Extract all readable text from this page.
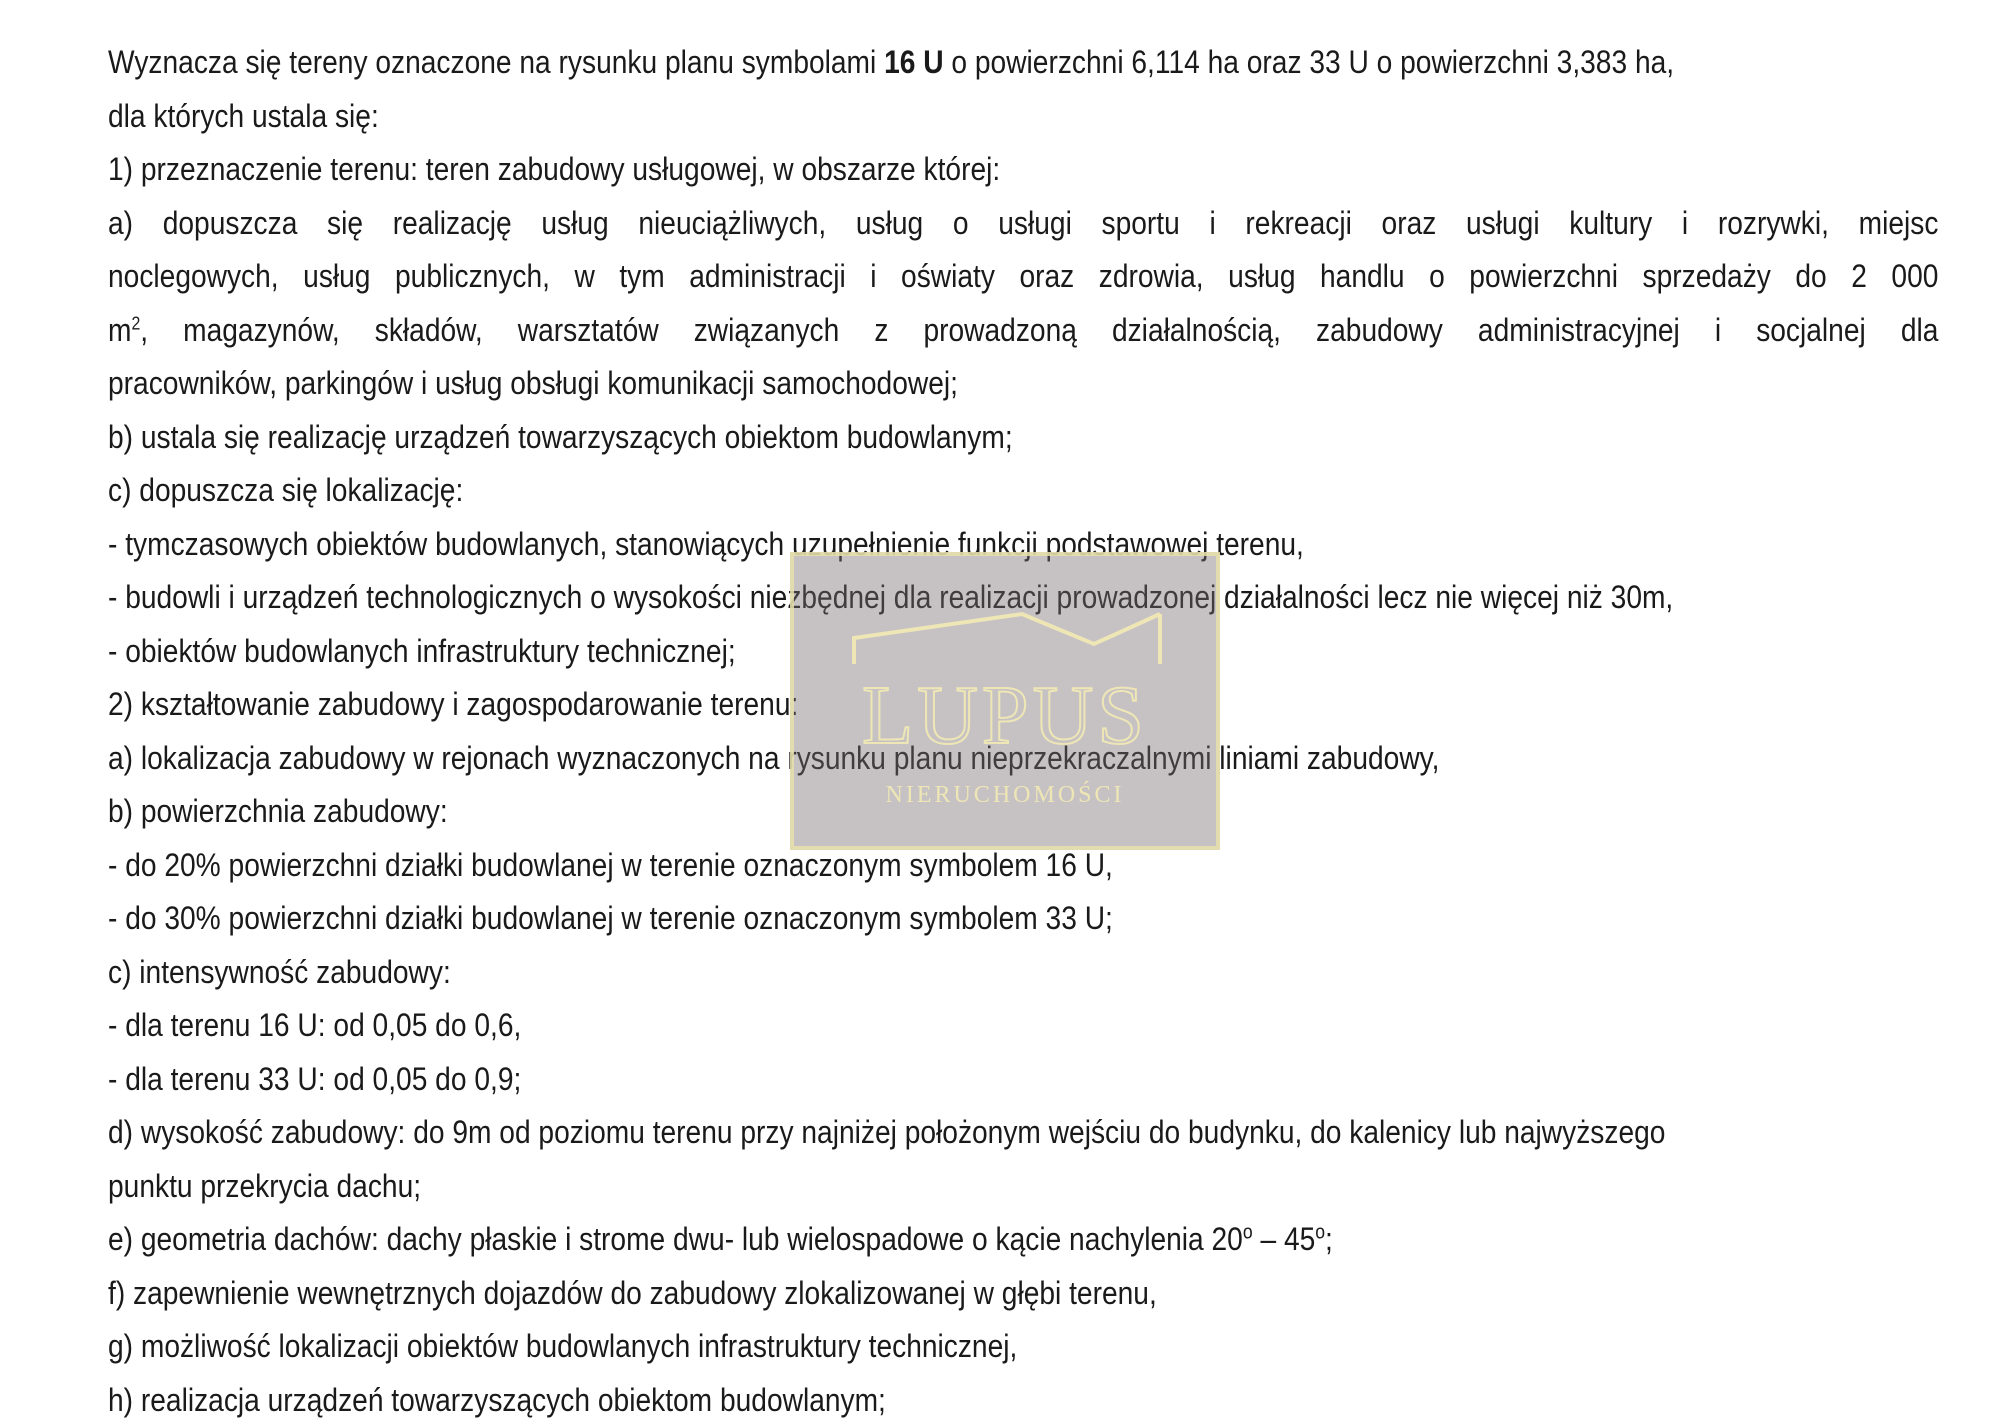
Wyznacza się tereny oznaczone na rysunku planu symbolami 16 U o powierzchni 6,114 ha oraz 33 U o powierzchni 3,383 ha,

dla których ustala się:

1) przeznaczenie terenu: teren zabudowy usługowej, w obszarze której:

a) dopuszcza się realizację usług nieuciążliwych, usług o usługi sportu i rekreacji oraz usługi kultury i rozrywki, miejsc

noclegowych, usług publicznych, w tym administracji i oświaty oraz zdrowia, usług handlu o powierzchni sprzedaży do 2 000

$m^2$, magazynów, składów, warsztatów związanych z prowadzoną działalnością, zabudowy administracyjnej i socjalnej dla

pracowników, parkingów i usług obsługi komunikacji samochodowej;

b) ustala się realizację urządzeń towarzyszących obiektom budowlanym;

c) dopuszcza się lokalizację:

- tymczasowych obiektów budowlanych, stanowiących uzupełnienie funkcji podstawowej terenu,

- budowli i urządzeń technologicznych o wysokości niezbędnej dla realizacji prowadzonej działalności lecz nie więcej niż 30m,

- obiektów budowlanych infrastruktury technicznej;

2) kształtowanie zabudowy i zagospodarowanie terenu:

a) lokalizacja zabudowy w rejonach wyznaczonych na rysunku planu nieprzekraczalnymi liniami zabudowy,

b) powierzchnia zabudowy:

- do 20% powierzchni działki budowlanej w terenie oznaczonym symbolem 16 U,

- do 30% powierzchni działki budowlanej w terenie oznaczonym symbolem 33 U;

c) intensywność zabudowy:

- dla terenu 16 U: od 0,05 do 0,6,

- dla terenu 33 U: od 0,05 do 0,9;

d) wysokość zabudowy: do 9m od poziomu terenu przy najniżej położonym wejściu do budynku, do kalenicy lub najwyższego

punktu przekrycia dachu;

e) geometria dachów: dachy płaskie i strome dwu- lub wielospadowe o kącie nachylenia 20$^o$ – 45$^o$;

f) zapewnienie wewnętrznych dojazdów do zabudowy zlokalizowanej w głębi terenu,

g) możliwość lokalizacji obiektów budowlanych infrastruktury technicznej,

h) realizacja urządzeń towarzyszących obiektom budowlanym;

LUPUS
NIERUCHOMOŚCI
